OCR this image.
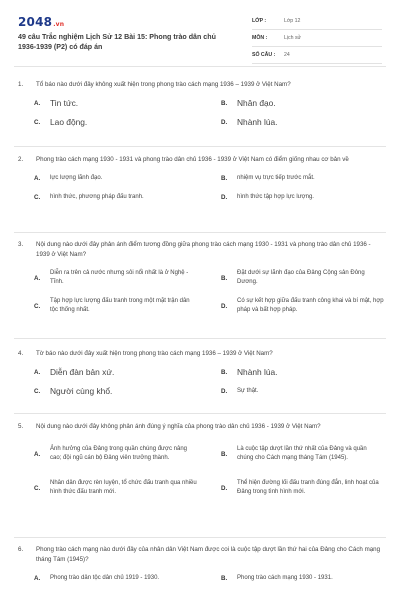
2048.vn
49 câu Trắc nghiệm Lịch Sử 12 Bài 15: Phong trào dân chủ 1936-1939 (P2) có đáp án
LỚP :	Lớp 12
MÔN :	Lịch sử
SỐ CÂU :	24
1.	Tổ báo nào dưới đây không xuất hiện trong phong trào cách mạng 1936 – 1939 ở Việt Nam?
A.	Tin tức.	B.	Nhân đạo.
C.	Lao động.	D.	Nhành lúa.
2.	Phong trào cách mạng 1930 - 1931 và phong trào dân chủ 1936 - 1939 ở Việt Nam có điểm giống nhau cơ bản về
A.	lực lượng lãnh đạo.	B.	nhiệm vụ trực tiếp trước mắt.
C.	hình thức, phương pháp đấu tranh.	D.	hình thức tập hợp lực lượng.
3.	Nội dung nào dưới đây phản ánh điểm tương đồng giữa phong trào cách mạng 1930 - 1931 và phong trào dân chủ 1936 - 1939 ở Việt Nam?
A.
Diễn ra trên cả nước nhưng sôi nổi nhất là ở Nghệ - Tĩnh.
B.
Đặt dưới sự lãnh đạo của Đảng Cộng sản Đông Dương.
C.
Tập hợp lực lượng đấu tranh trong một mặt trận dân tộc thống nhất.
D.
Có sự kết hợp giữa đấu tranh công khai và bí mật, hợp pháp và bất hợp pháp.
4.	Tờ báo nào dưới đây xuất hiện trong phong trào cách mạng 1936 – 1939 ở Việt Nam?
A.	Diễn đàn bản xứ.	B.	Nhành lúa.
C.	Người cùng khổ.	D.	Sự thật.
5.	Nội dung nào dưới đây không phản ánh đúng ý nghĩa của phong trào dân chủ 1936 - 1939 ở Việt Nam?
A.
Ảnh hưởng của Đảng trong quần chúng được nâng cao; đội ngũ cán bộ Đảng viên trưởng thành.
B.
Là cuộc tập dượt lần thứ nhất của Đảng và quần chúng cho Cách mạng tháng Tám (1945).
C.
Nhân dân được rèn luyện, tổ chức đấu tranh qua nhiều hình thức đấu tranh mới.
D.
Thể hiện đường lối đấu tranh đúng đắn, linh hoạt của Đảng trong tình hình mới.
6.	Phong trào cách mạng nào dưới đây của nhân dân Việt Nam được coi là cuộc tập dượt lần thứ hai của Đảng cho Cách mạng tháng Tám (1945)?
A.	Phong trào dân tộc dân chủ 1919 - 1930.	B.	Phong trào cách mạng 1930 - 1931.
